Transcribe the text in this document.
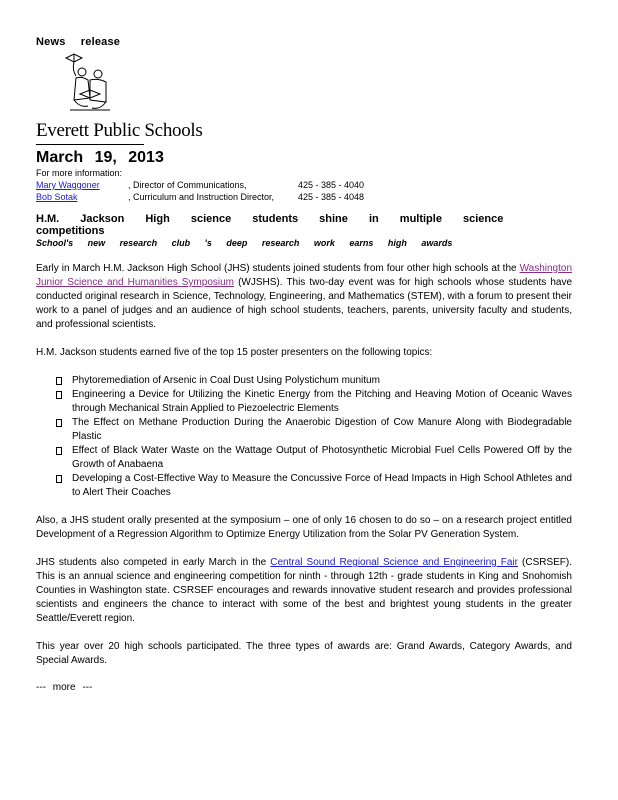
News release
Everett Public Schools
March 19, 2013
For more information:
Mary Waggoner	, Director of Communications,	425 - 385 - 4040
Bob Sotak	, Curriculum and Instruction Director,	425 - 385 - 4048
H.M. Jackson High science students shine in multiple science competitions
School's new research club 's deep research work earns high awards

Early in March H.M. Jackson High School (JHS) students joined students from four other high schools at the Washington Junior Science and Humanities Symposium (WJSHS). This two-day event was for high schools whose students have conducted original research in Science, Technology, Engineering, and Mathematics (STEM), with a forum to present their work to a panel of judges and an audience of high school students, teachers, parents, university faculty and students, and professional scientists.

H.M. Jackson students earned five of the top 15 poster presenters on the following topics:

Phytoremediation of Arsenic in Coal Dust Using Polystichum munitum
Engineering a Device for Utilizing the Kinetic Energy from the Pitching and Heaving Motion of Oceanic Waves through Mechanical Strain Applied to Piezoelectric Elements
The Effect on Methane Production During the Anaerobic Digestion of Cow Manure Along with Biodegradable Plastic
Effect of Black Water Waste on the Wattage Output of Photosynthetic Microbial Fuel Cells Powered Off by the Growth of Anabaena
Developing a Cost-Effective Way to Measure the Concussive Force of Head Impacts in High School Athletes and to Alert Their Coaches

Also, a JHS student orally presented at the symposium – one of only 16 chosen to do so – on a research project entitled Development of a Regression Algorithm to Optimize Energy Utilization from the Solar PV Generation System.

JHS students also competed in early March in the Central Sound Regional Science and Engineering Fair (CSRSEF). This is an annual science and engineering competition for ninth - through 12th - grade students in King and Snohomish Counties in Washington state. CSRSEF encourages and rewards innovative student research and provides professional scientists and engineers the chance to interact with some of the best and brightest young students in the greater Seattle/Everett region.

This year over 20 high schools participated. The three types of awards are: Grand Awards, Category Awards, and Special Awards.

--- more ---
